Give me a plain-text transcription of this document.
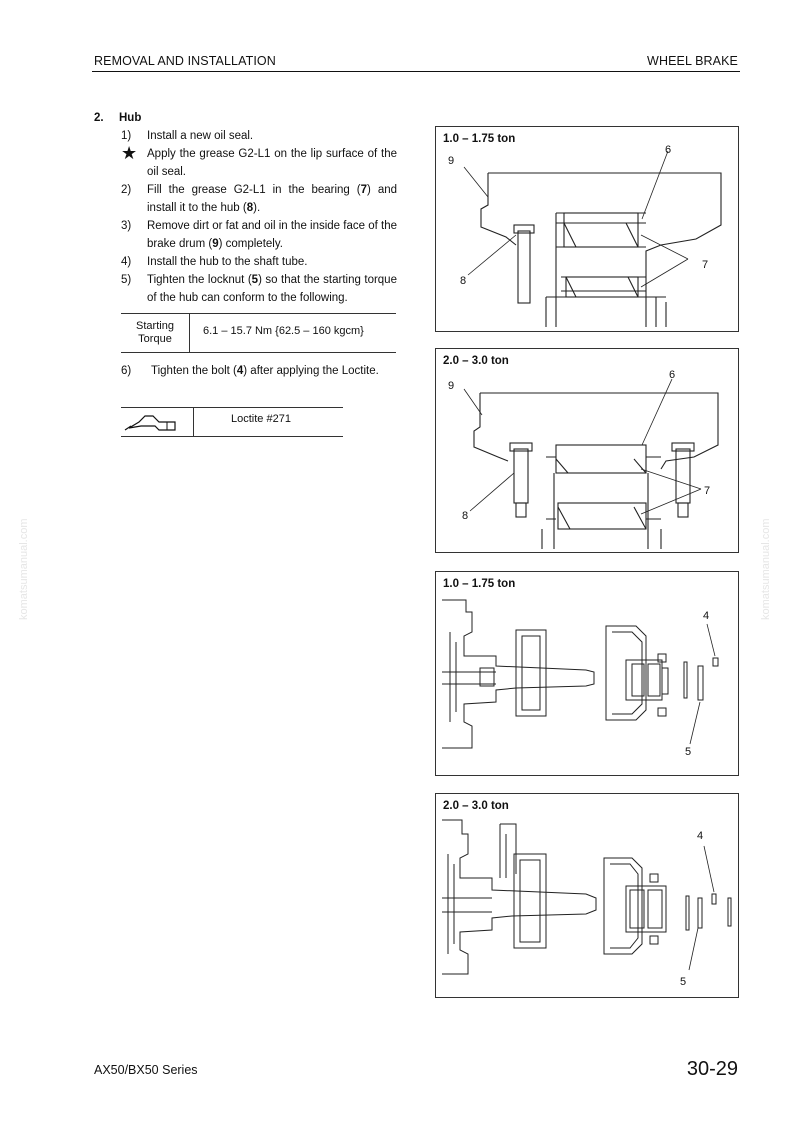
REMOVAL AND INSTALLATION	WHEEL BRAKE
komatsumanual.com	komatsumanual.com
2. Hub
1)	Install a new oil seal.
★ Apply the grease G2-L1 on the lip surface of the oil seal.
2)	Fill the grease G2-L1 in the bearing (7) and install it to the hub (8).
3)	Remove dirt or fat and oil in the inside face of the brake drum (9) completely.
4)	Install the hub to the shaft tube.
5)	Tighten the locknut (5) so that the starting torque of the hub can conform to the following.
Starting
Torque
6.1 – 15.7 Nm {62.5 – 160 kgcm}
6) Tighten the bolt (4) after applying the Loctite.
Loctite #271
1.0 – 1.75 ton
9
6
7
8
2.0 – 3.0 ton
9
6
7
8
1.0 – 1.75 ton
4
5
2.0 – 3.0 ton
4
5
AX50/BX50 Series	30-29
